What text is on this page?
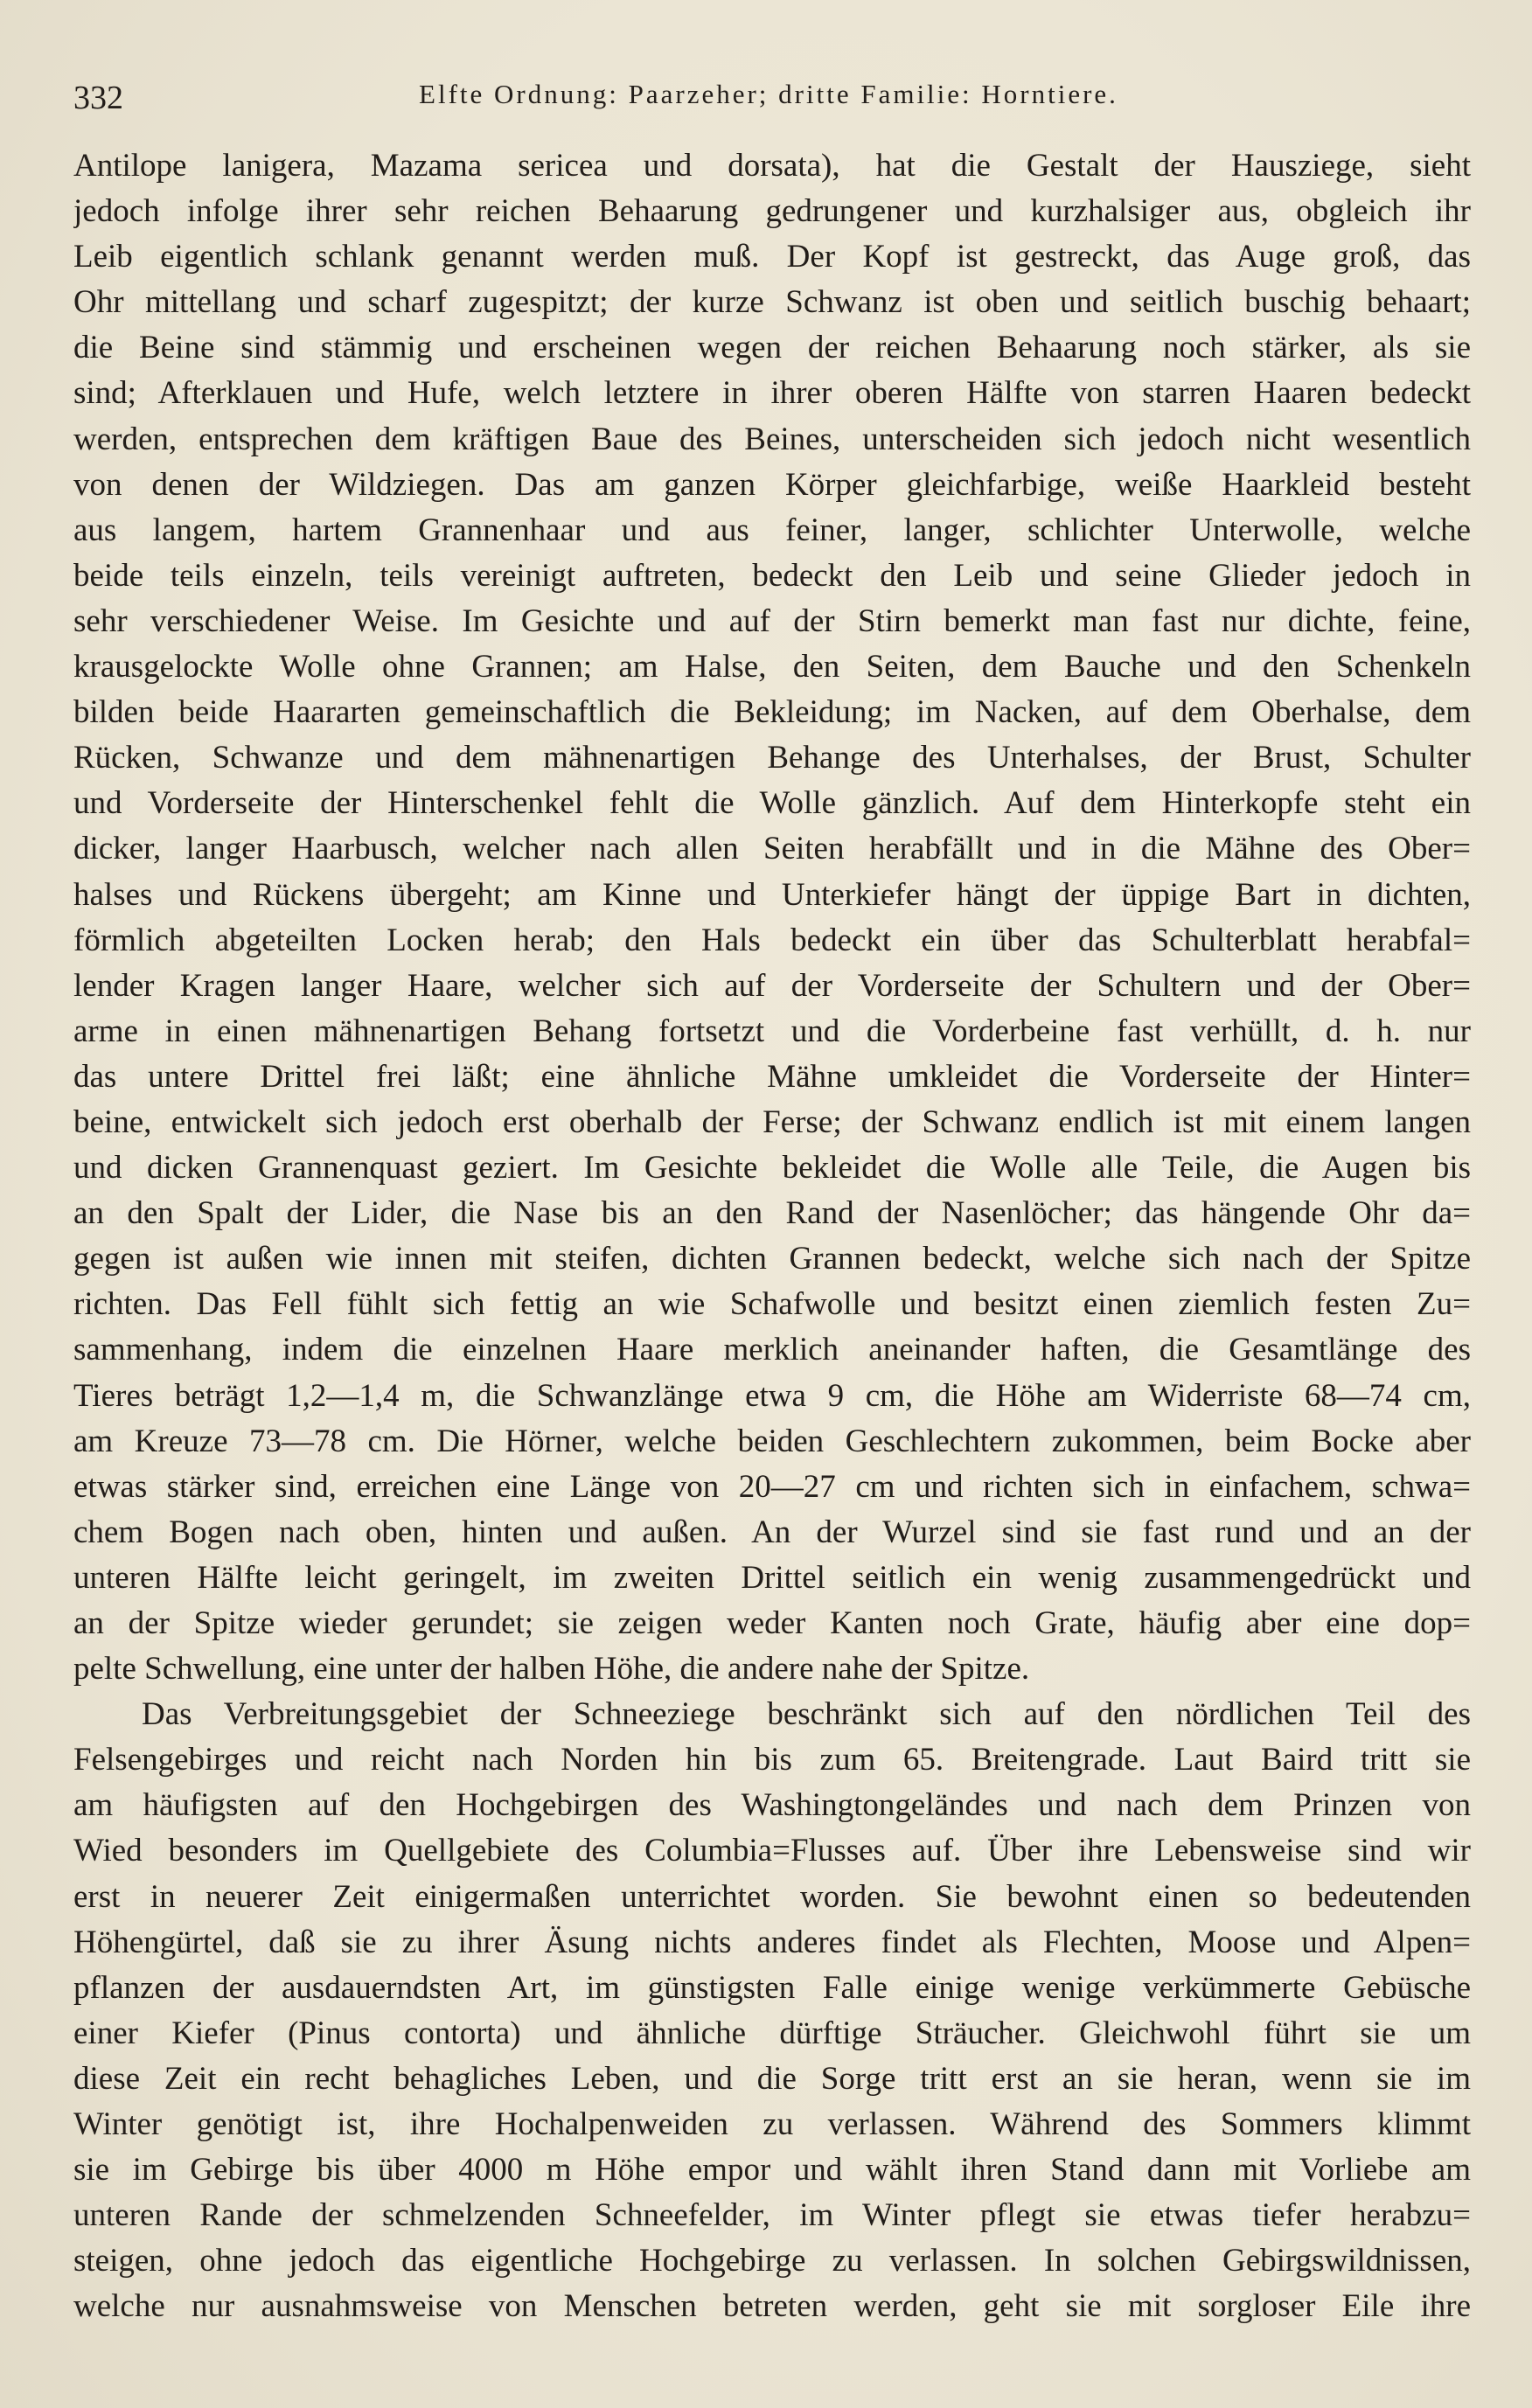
332	Elfte Ordnung: Paarzeher; dritte Familie: Horntiere.
Antilope lanigera, Mazama sericea und dorsata), hat die Gestalt der Hausziege, sieht
jedoch infolge ihrer sehr reichen Behaarung gedrungener und kurzhalsiger aus, obgleich ihr
Leib eigentlich schlank genannt werden muß. Der Kopf ist gestreckt, das Auge groß, das
Ohr mittellang und scharf zugespitzt; der kurze Schwanz ist oben und seitlich buschig behaart;
die Beine sind stämmig und erscheinen wegen der reichen Behaarung noch stärker, als sie
sind; Afterklauen und Hufe, welch letztere in ihrer oberen Hälfte von starren Haaren bedeckt
werden, entsprechen dem kräftigen Baue des Beines, unterscheiden sich jedoch nicht wesentlich
von denen der Wildziegen. Das am ganzen Körper gleichfarbige, weiße Haarkleid besteht
aus langem, hartem Grannenhaar und aus feiner, langer, schlichter Unterwolle, welche
beide teils einzeln, teils vereinigt auftreten, bedeckt den Leib und seine Glieder jedoch in
sehr verschiedener Weise. Im Gesichte und auf der Stirn bemerkt man fast nur dichte, feine,
krausgelockte Wolle ohne Grannen; am Halse, den Seiten, dem Bauche und den Schenkeln
bilden beide Haararten gemeinschaftlich die Bekleidung; im Nacken, auf dem Oberhalse, dem
Rücken, Schwanze und dem mähnenartigen Behange des Unterhalses, der Brust, Schulter
und Vorderseite der Hinterschenkel fehlt die Wolle gänzlich. Auf dem Hinterkopfe steht ein
dicker, langer Haarbusch, welcher nach allen Seiten herabfällt und in die Mähne des Ober=
halses und Rückens übergeht; am Kinne und Unterkiefer hängt der üppige Bart in dichten,
förmlich abgeteilten Locken herab; den Hals bedeckt ein über das Schulterblatt herabfal=
lender Kragen langer Haare, welcher sich auf der Vorderseite der Schultern und der Ober=
arme in einen mähnenartigen Behang fortsetzt und die Vorderbeine fast verhüllt, d. h. nur
das untere Drittel frei läßt; eine ähnliche Mähne umkleidet die Vorderseite der Hinter=
beine, entwickelt sich jedoch erst oberhalb der Ferse; der Schwanz endlich ist mit einem langen
und dicken Grannenquast geziert. Im Gesichte bekleidet die Wolle alle Teile, die Augen bis
an den Spalt der Lider, die Nase bis an den Rand der Nasenlöcher; das hängende Ohr da=
gegen ist außen wie innen mit steifen, dichten Grannen bedeckt, welche sich nach der Spitze
richten. Das Fell fühlt sich fettig an wie Schafwolle und besitzt einen ziemlich festen Zu=
sammenhang, indem die einzelnen Haare merklich aneinander haften, die Gesamtlänge des
Tieres beträgt 1,2—1,4 m, die Schwanzlänge etwa 9 cm, die Höhe am Widerriste 68—74 cm,
am Kreuze 73—78 cm. Die Hörner, welche beiden Geschlechtern zukommen, beim Bocke aber
etwas stärker sind, erreichen eine Länge von 20—27 cm und richten sich in einfachem, schwa=
chem Bogen nach oben, hinten und außen. An der Wurzel sind sie fast rund und an der
unteren Hälfte leicht geringelt, im zweiten Drittel seitlich ein wenig zusammengedrückt und
an der Spitze wieder gerundet; sie zeigen weder Kanten noch Grate, häufig aber eine dop=
pelte Schwellung, eine unter der halben Höhe, die andere nahe der Spitze.
Das Verbreitungsgebiet der Schneeziege beschränkt sich auf den nördlichen Teil des
Felsengebirges und reicht nach Norden hin bis zum 65. Breitengrade. Laut Baird tritt sie
am häufigsten auf den Hochgebirgen des Washingtongeländes und nach dem Prinzen von
Wied besonders im Quellgebiete des Columbia=Flusses auf. Über ihre Lebensweise sind wir
erst in neuerer Zeit einigermaßen unterrichtet worden. Sie bewohnt einen so bedeutenden
Höhengürtel, daß sie zu ihrer Äsung nichts anderes findet als Flechten, Moose und Alpen=
pflanzen der ausdauerndsten Art, im günstigsten Falle einige wenige verkümmerte Gebüsche
einer Kiefer (Pinus contorta) und ähnliche dürftige Sträucher. Gleichwohl führt sie um
diese Zeit ein recht behagliches Leben, und die Sorge tritt erst an sie heran, wenn sie im
Winter genötigt ist, ihre Hochalpenweiden zu verlassen. Während des Sommers klimmt
sie im Gebirge bis über 4000 m Höhe empor und wählt ihren Stand dann mit Vorliebe am
unteren Rande der schmelzenden Schneefelder, im Winter pflegt sie etwas tiefer herabzu=
steigen, ohne jedoch das eigentliche Hochgebirge zu verlassen. In solchen Gebirgswildnissen,
welche nur ausnahmsweise von Menschen betreten werden, geht sie mit sorgloser Eile ihre
